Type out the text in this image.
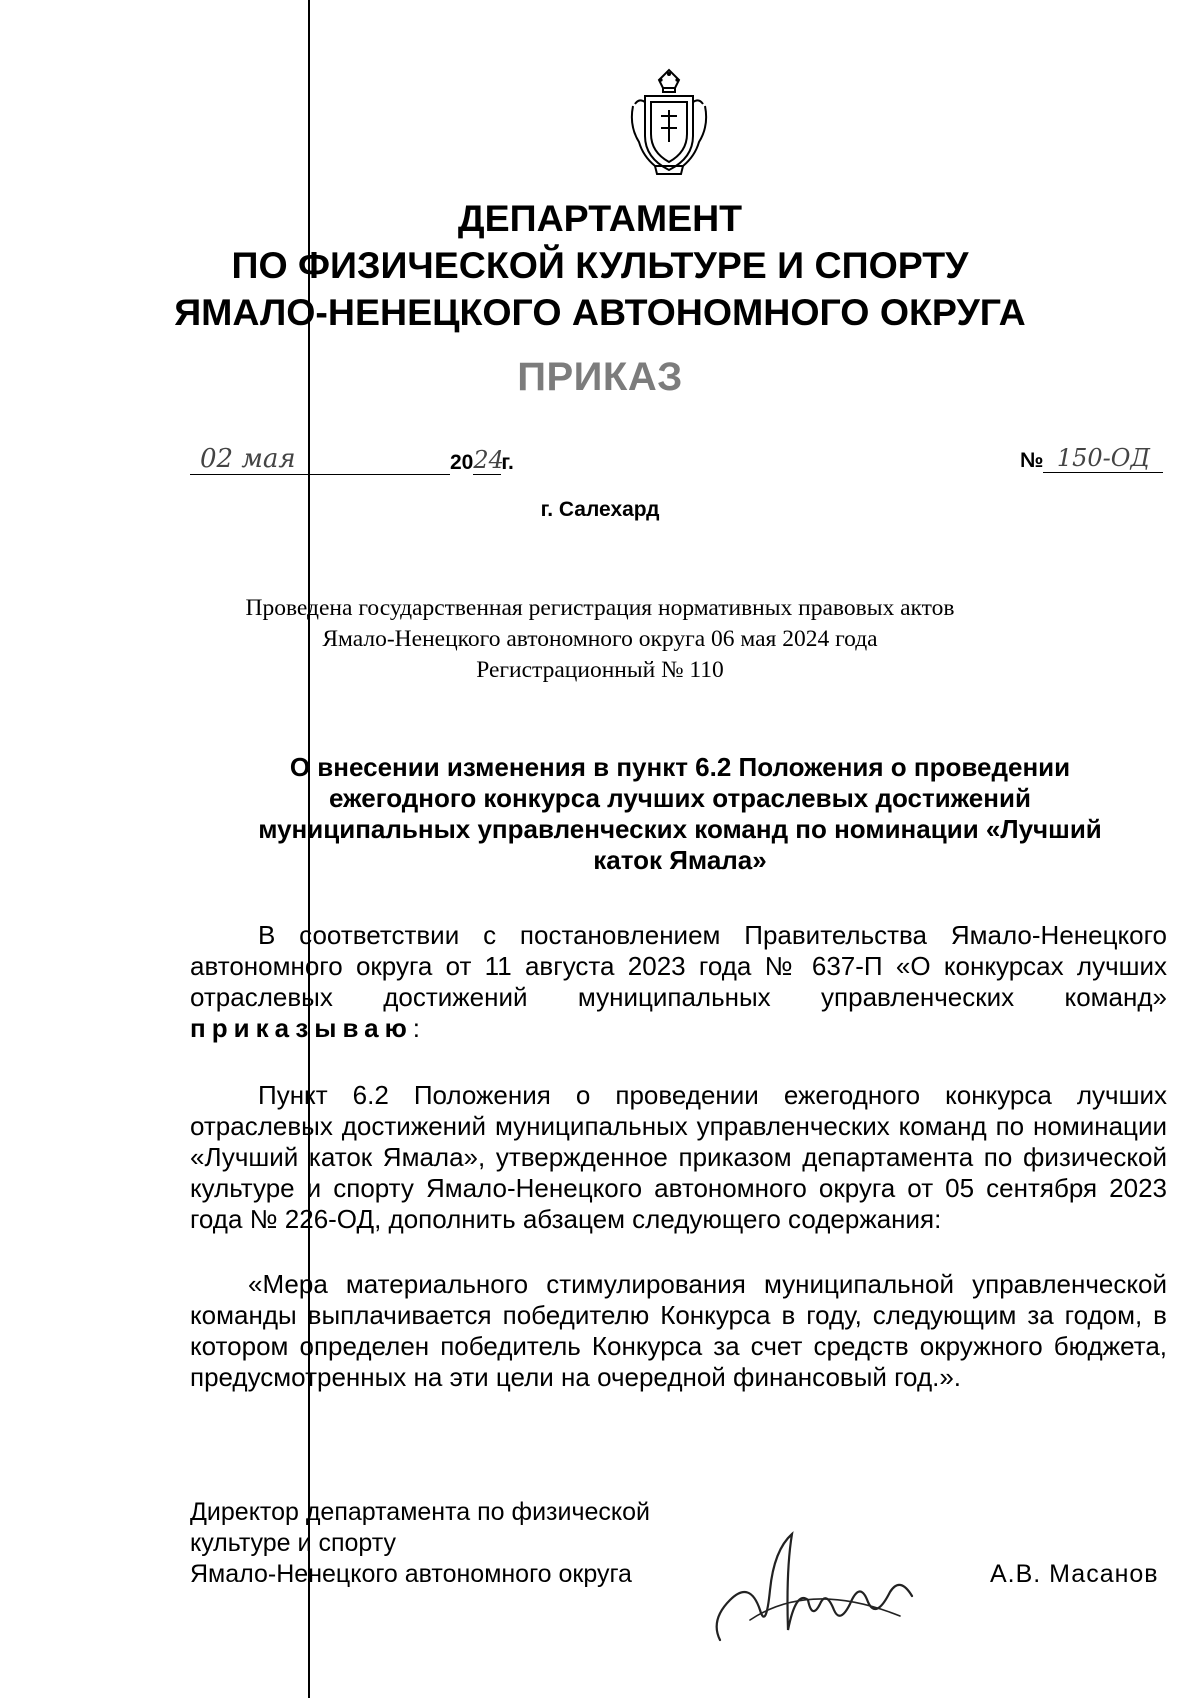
ДЕПАРТАМЕНТ
ПО ФИЗИЧЕСКОЙ КУЛЬТУРЕ И СПОРТУ
ЯМАЛО-НЕНЕЦКОГО АВТОНОМНОГО ОКРУГА
ПРИКАЗ
02 мая	20 24
г.	№ 150-ОД
г. Салехард
Проведена государственная регистрация нормативных правовых актов
Ямало-Ненецкого автономного округа 06 мая 2024 года
Регистрационный № 110
О внесении изменения в пункт 6.2 Положения о проведении
ежегодного конкурса лучших отраслевых достижений
муниципальных управленческих команд по номинации «Лучший
каток Ямала»
В соответствии с постановлением Правительства Ямало-Ненецкого автономного округа от 11 августа 2023 года № 637-П «О конкурсах лучших отраслевых достижений муниципальных управленческих команд» приказываю:
Пункт 6.2 Положения о проведении ежегодного конкурса лучших отраслевых достижений муниципальных управленческих команд по номинации «Лучший каток Ямала», утвержденное приказом департамента по физической культуре и спорту Ямало-Ненецкого автономного округа от 05 сентября 2023 года № 226-ОД, дополнить абзацем следующего содержания:
«Мера материального стимулирования муниципальной управленческой команды выплачивается победителю Конкурса в году, следующим за годом, в котором определен победитель Конкурса за счет средств окружного бюджета, предусмотренных на эти цели на очередной финансовый год.».
Директор департамента по физической
культуре и спорту
Ямало-Ненецкого автономного округа	А.В. Масанов
